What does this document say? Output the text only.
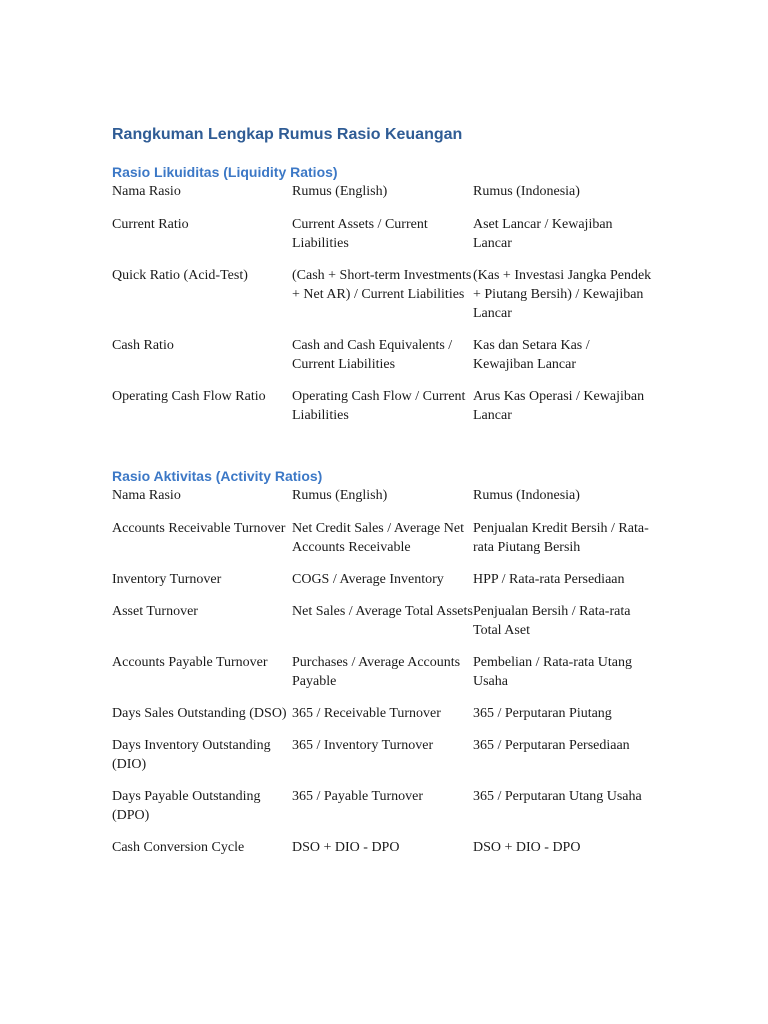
Rangkuman Lengkap Rumus Rasio Keuangan
Rasio Likuiditas (Liquidity Ratios)
Nama Rasio	Rumus (English)	Rumus (Indonesia)
Current Ratio	Current Assets / Current Liabilities	Aset Lancar / Kewajiban Lancar
Quick Ratio (Acid-Test)	(Cash + Short-term Investments + Net AR) / Current Liabilities	(Kas + Investasi Jangka Pendek + Piutang Bersih) / Kewajiban Lancar
Cash Ratio	Cash and Cash Equivalents / Current Liabilities	Kas dan Setara Kas / Kewajiban Lancar
Operating Cash Flow Ratio	Operating Cash Flow / Current Liabilities	Arus Kas Operasi / Kewajiban Lancar
Rasio Aktivitas (Activity Ratios)
Nama Rasio	Rumus (English)	Rumus (Indonesia)
Accounts Receivable Turnover	Net Credit Sales / Average Net Accounts Receivable	Penjualan Kredit Bersih / Rata-rata Piutang Bersih
Inventory Turnover	COGS / Average Inventory	HPP / Rata-rata Persediaan
Asset Turnover	Net Sales / Average Total Assets	Penjualan Bersih / Rata-rata Total Aset
Accounts Payable Turnover	Purchases / Average Accounts Payable	Pembelian / Rata-rata Utang Usaha
Days Sales Outstanding (DSO)	365 / Receivable Turnover	365 / Perputaran Piutang
Days Inventory Outstanding (DIO)	365 / Inventory Turnover	365 / Perputaran Persediaan
Days Payable Outstanding (DPO)	365 / Payable Turnover	365 / Perputaran Utang Usaha
Cash Conversion Cycle	DSO + DIO - DPO	DSO + DIO - DPO
